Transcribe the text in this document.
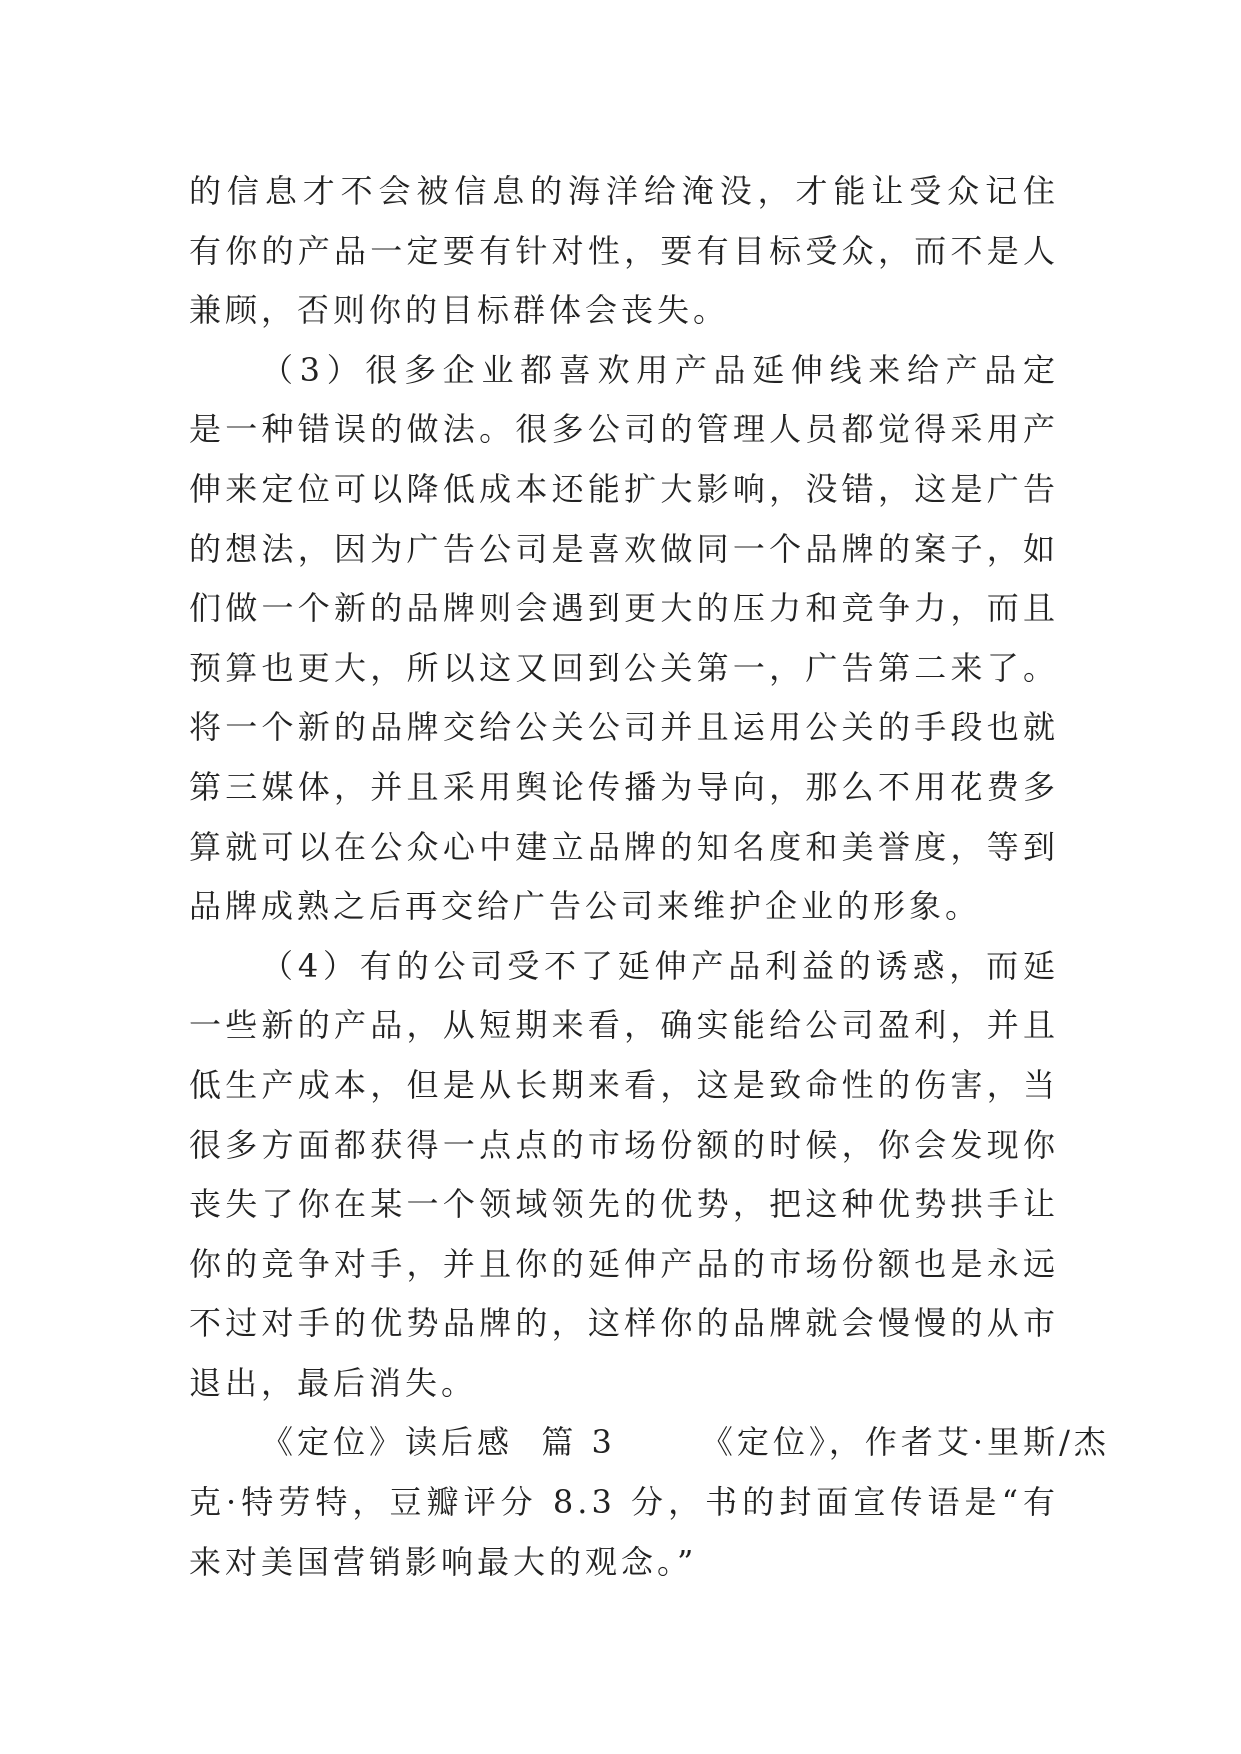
的信息才不会被信息的海洋给淹没，才能让受众记住
有你的产品一定要有针对性，要有目标受众，而不是人
兼顾，否则你的目标群体会丧失。
（3）很多企业都喜欢用产品延伸线来给产品定
是一种错误的做法。很多公司的管理人员都觉得采用产
伸来定位可以降低成本还能扩大影响，没错，这是广告
的想法，因为广告公司是喜欢做同一个品牌的案子，如
们做一个新的品牌则会遇到更大的压力和竞争力，而且
预算也更大，所以这又回到公关第一，广告第二来了。
将一个新的品牌交给公关公司并且运用公关的手段也就
第三媒体，并且采用舆论传播为导向，那么不用花费多
算就可以在公众心中建立品牌的知名度和美誉度，等到
品牌成熟之后再交给广告公司来维护企业的形象。
（4）有的公司受不了延伸产品利益的诱惑，而延
一些新的产品，从短期来看，确实能给公司盈利，并且
低生产成本，但是从长期来看，这是致命性的伤害，当
很多方面都获得一点点的市场份额的时候，你会发现你
丧失了你在某一个领域领先的优势，把这种优势拱手让
你的竞争对手，并且你的延伸产品的市场份额也是永远
不过对手的优势品牌的，这样你的品牌就会慢慢的从市
退出，最后消失。
《定位》读后感  篇 3      《定位》，作者艾·里斯/杰
克·特劳特，豆瓣评分 8.3 分，书的封面宣传语是“有
来对美国营销影响最大的观念。”
